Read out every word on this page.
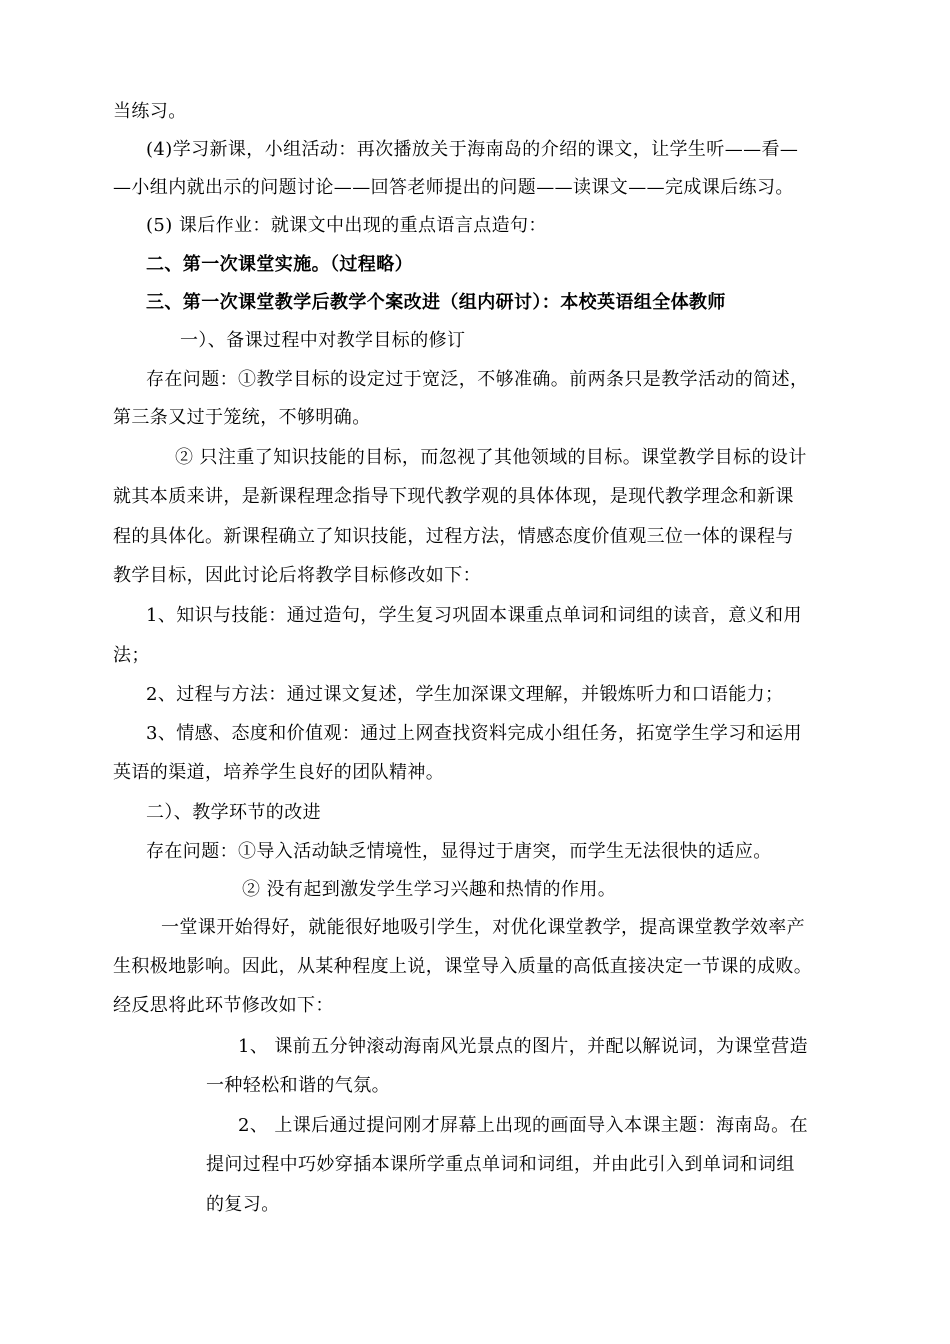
当练习。
(4)学习新课，小组活动：再次播放关于海南岛的介绍的课文，让学生听——看—
—小组内就出示的问题讨论——回答老师提出的问题——读课文——完成课后练习。
(5) 课后作业：就课文中出现的重点语言点造句：
二、第一次课堂实施。（过程略）
三、第一次课堂教学后教学个案改进（组内研讨）：本校英语组全体教师
一）、备课过程中对教学目标的修订
存在问题：①教学目标的设定过于宽泛，不够准确。前两条只是教学活动的简述，
第三条又过于笼统，不够明确。
② 只注重了知识技能的目标，而忽视了其他领域的目标。课堂教学目标的设计
就其本质来讲，是新课程理念指导下现代教学观的具体体现，是现代教学理念和新课
程的具体化。新课程确立了知识技能，过程方法，情感态度价值观三位一体的课程与
教学目标，因此讨论后将教学目标修改如下：
1、知识与技能：通过造句，学生复习巩固本课重点单词和词组的读音，意义和用
法；
2、过程与方法：通过课文复述，学生加深课文理解，并锻炼听力和口语能力；
3、情感、态度和价值观：通过上网查找资料完成小组任务，拓宽学生学习和运用
英语的渠道，培养学生良好的团队精神。
二）、教学环节的改进
存在问题：①导入活动缺乏情境性，显得过于唐突，而学生无法很快的适应。
② 没有起到激发学生学习兴趣和热情的作用。
一堂课开始得好，就能很好地吸引学生，对优化课堂教学，提高课堂教学效率产
生积极地影响。因此，从某种程度上说，课堂导入质量的高低直接决定一节课的成败。
经反思将此环节修改如下：
1、 课前五分钟滚动海南风光景点的图片，并配以解说词，为课堂营造
一种轻松和谐的气氛。
2、 上课后通过提问刚才屏幕上出现的画面导入本课主题：海南岛。在
提问过程中巧妙穿插本课所学重点单词和词组，并由此引入到单词和词组
的复习。
